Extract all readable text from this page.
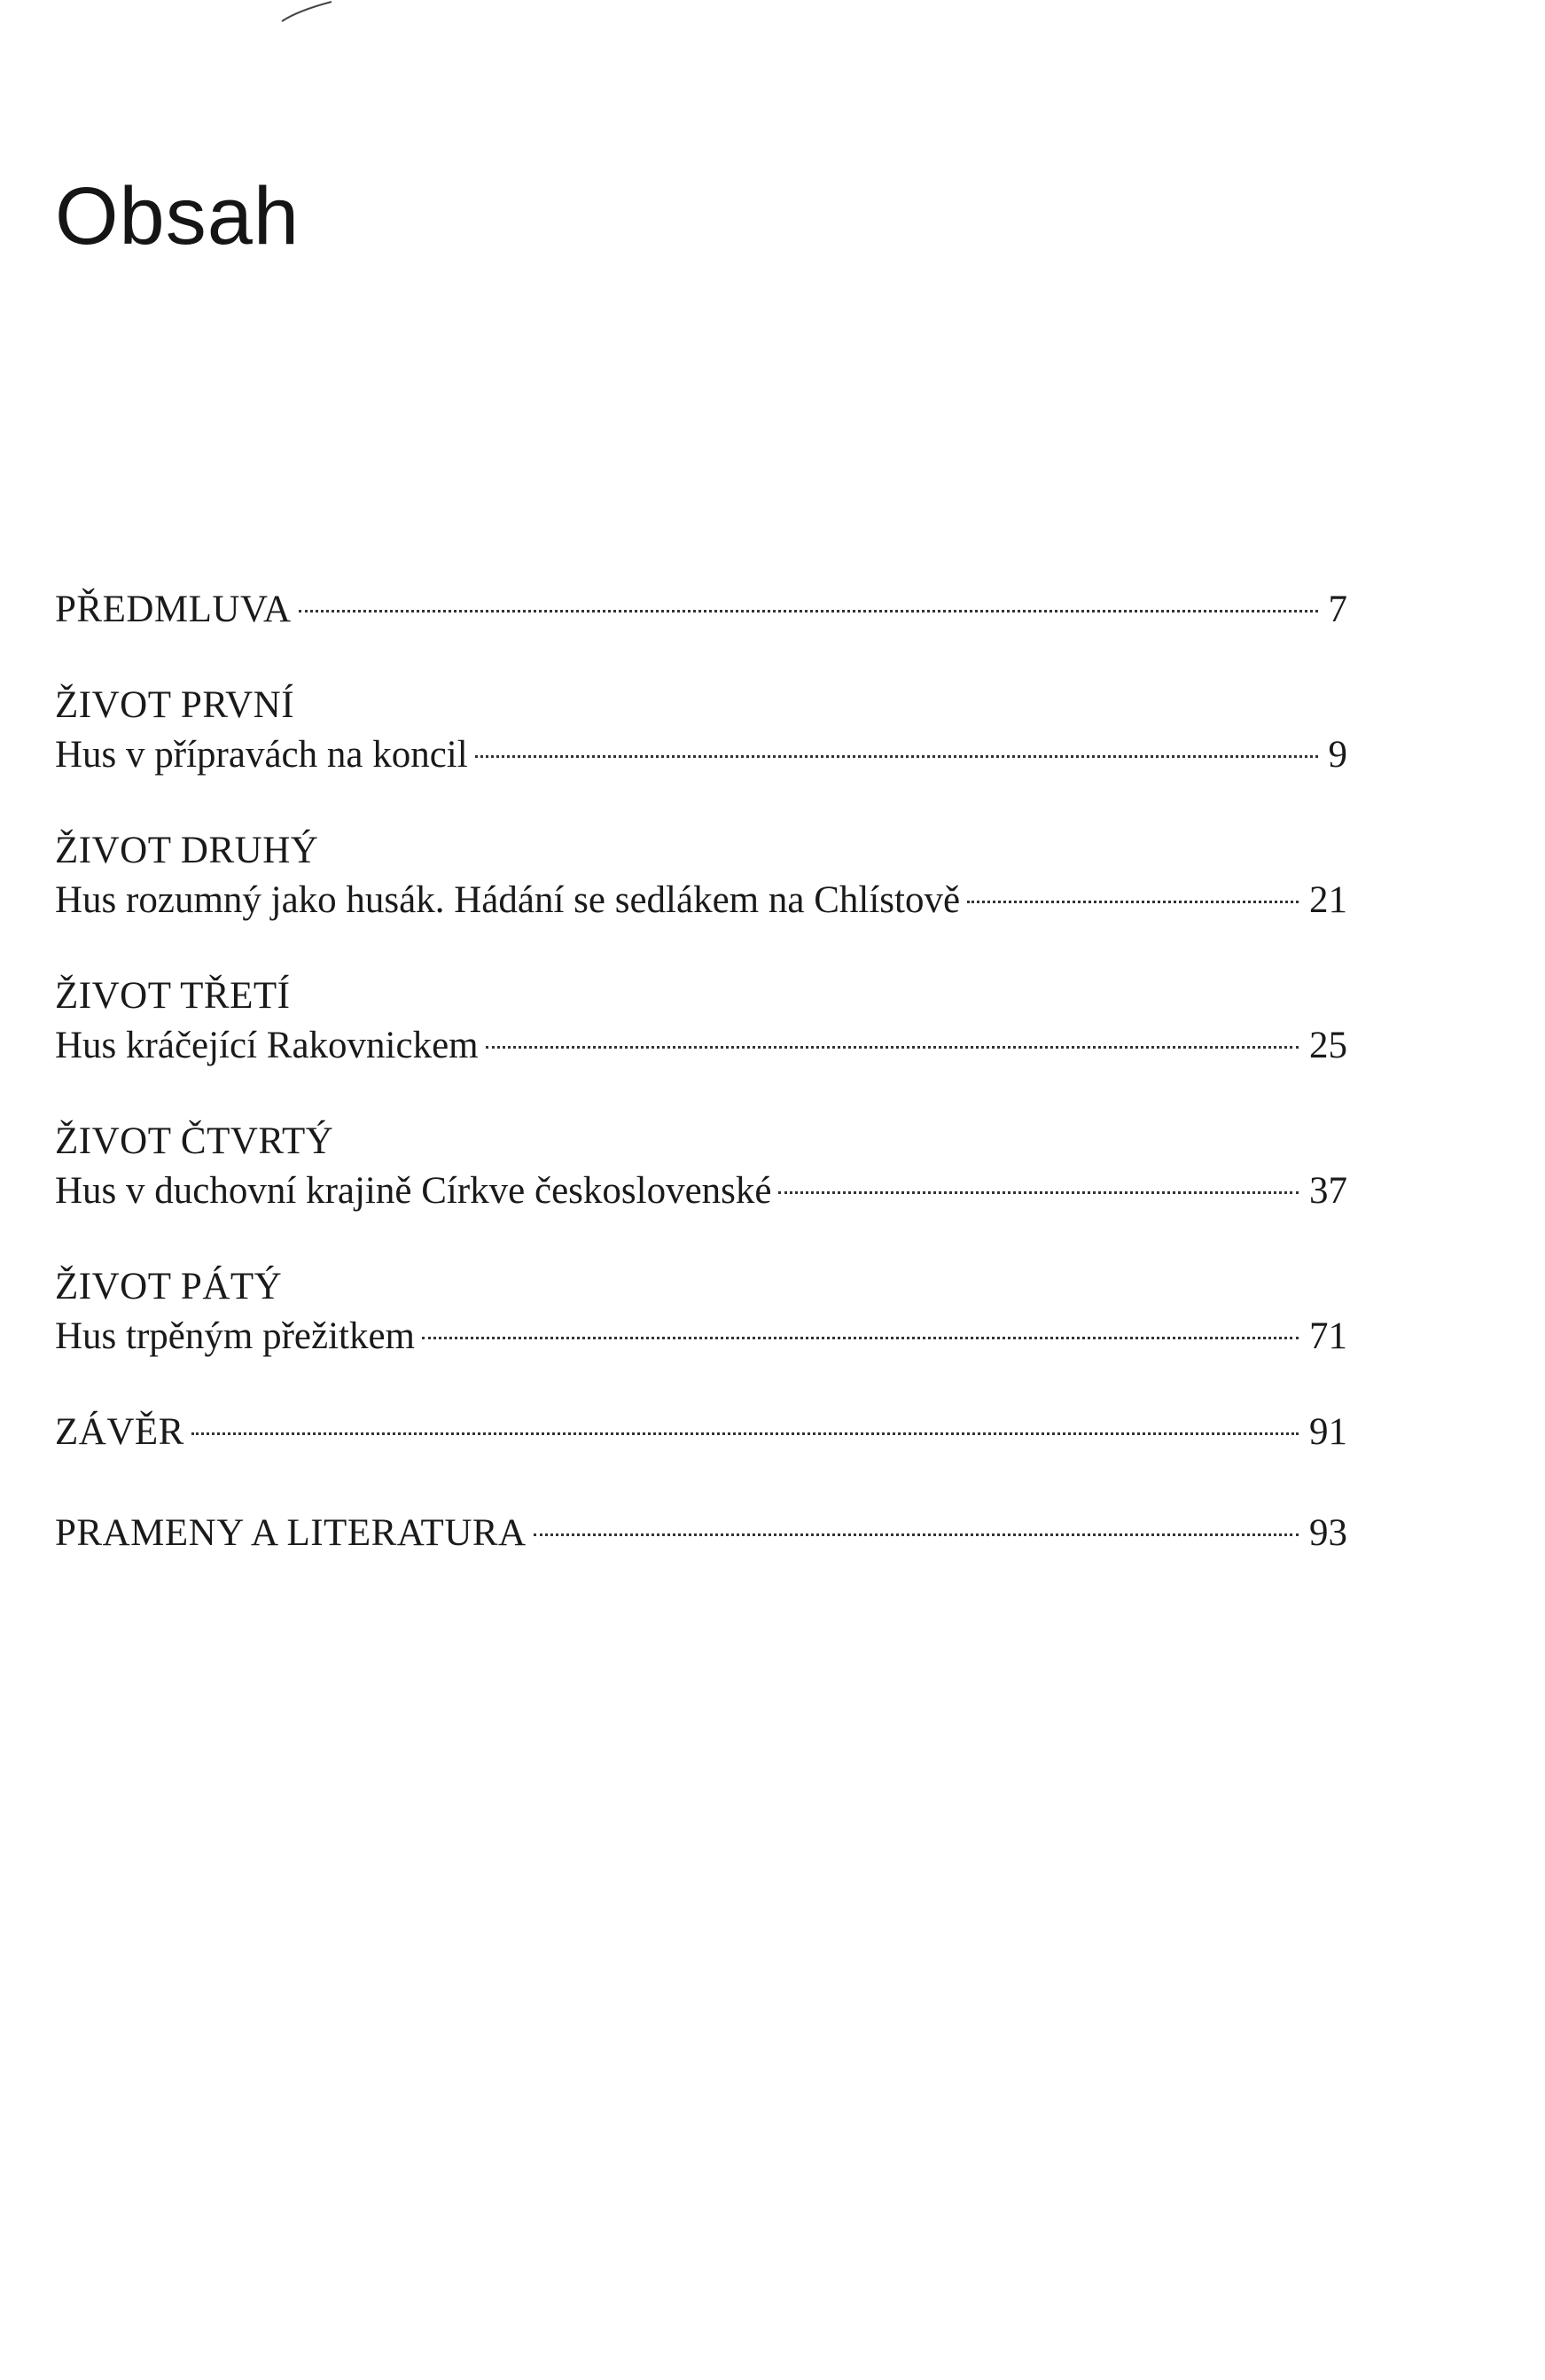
Obsah
PŘEDMLUVA	7
ŽIVOT PRVNÍ
Hus v přípravách na koncil	9
ŽIVOT DRUHÝ
Hus rozumný jako husák. Hádání se sedlákem na Chlístově	21
ŽIVOT TŘETÍ
Hus kráčející Rakovnickem	25
ŽIVOT ČTVRTÝ
Hus v duchovní krajině Církve československé	37
ŽIVOT PÁTÝ
Hus trpěným přežitkem	71
ZÁVĚR	91
PRAMENY A LITERATURA	93
